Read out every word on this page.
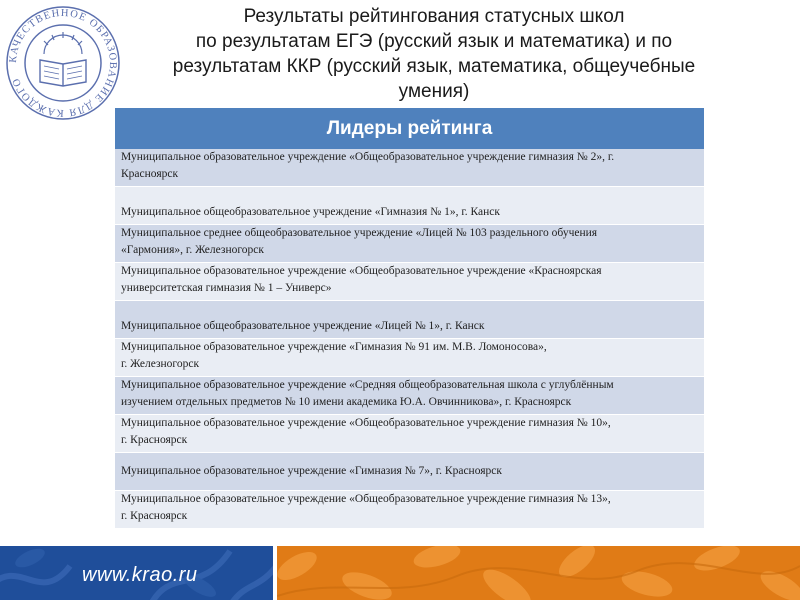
КАЧЕСТВЕННОЕ ОБРАЗОВАНИЕ ДЛЯ КАЖДОГО
Результаты рейтингования статусных школ
по результатам ЕГЭ (русский язык и математика) и по
результатам ККР (русский язык, математика, общеучебные
умения)
Лидеры рейтинга
Муниципальное образовательное учреждение «Общеобразовательное учреждение гимназия № 2», г.
Красноярск
Муниципальное общеобразовательное учреждение «Гимназия № 1», г. Канск
Муниципальное среднее общеобразовательное учреждение «Лицей № 103 раздельного обучения
«Гармония», г. Железногорск
Муниципальное образовательное учреждение «Общеобразовательное учреждение «Красноярская
университетская гимназия № 1 – Универс»
Муниципальное общеобразовательное учреждение «Лицей № 1», г. Канск
Муниципальное образовательное учреждение «Гимназия № 91 им. М.В. Ломоносова»,
г. Железногорск
Муниципальное образовательное учреждение «Средняя общеобразовательная школа с углублённым
изучением отдельных предметов № 10 имени академика Ю.А. Овчинникова», г. Красноярск
Муниципальное образовательное учреждение «Общеобразовательное учреждение гимназия № 10»,
г. Красноярск
Муниципальное образовательное учреждение «Гимназия № 7», г. Красноярск
Муниципальное образовательное учреждение «Общеобразовательное учреждение гимназия № 13»,
г. Красноярск
www.krao.ru
